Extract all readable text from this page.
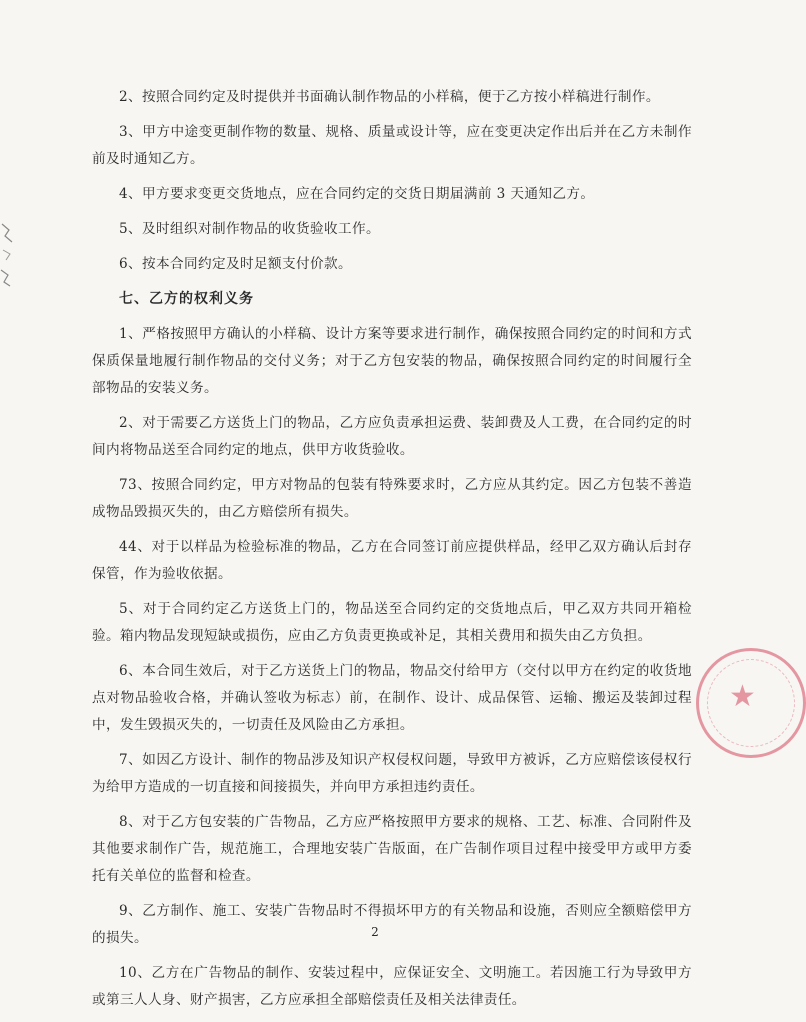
2、按照合同约定及时提供并书面确认制作物品的小样稿，便于乙方按小样稿进行制作。

3、甲方中途变更制作物的数量、规格、质量或设计等，应在变更决定作出后并在乙方未制作前及时通知乙方。

4、甲方要求变更交货地点，应在合同约定的交货日期届满前 3 天通知乙方。

5、及时组织对制作物品的收货验收工作。

6、按本合同约定及时足额支付价款。

七、乙方的权利义务

1、严格按照甲方确认的小样稿、设计方案等要求进行制作，确保按照合同约定的时间和方式保质保量地履行制作物品的交付义务；对于乙方包安装的物品，确保按照合同约定的时间履行全部物品的安装义务。

2、对于需要乙方送货上门的物品，乙方应负责承担运费、装卸费及人工费，在合同约定的时间内将物品送至合同约定的地点，供甲方收货验收。

73、按照合同约定，甲方对物品的包装有特殊要求时，乙方应从其约定。因乙方包装不善造成物品毁损灭失的，由乙方赔偿所有损失。

44、对于以样品为检验标准的物品，乙方在合同签订前应提供样品，经甲乙双方确认后封存保管，作为验收依据。

5、对于合同约定乙方送货上门的，物品送至合同约定的交货地点后，甲乙双方共同开箱检验。箱内物品发现短缺或损伤，应由乙方负责更换或补足，其相关费用和损失由乙方负担。

6、本合同生效后，对于乙方送货上门的物品，物品交付给甲方（交付以甲方在约定的收货地点对物品验收合格，并确认签收为标志）前，在制作、设计、成品保管、运输、搬运及装卸过程中，发生毁损灭失的，一切责任及风险由乙方承担。

7、如因乙方设计、制作的物品涉及知识产权侵权问题，导致甲方被诉，乙方应赔偿该侵权行为给甲方造成的一切直接和间接损失，并向甲方承担违约责任。

8、对于乙方包安装的广告物品，乙方应严格按照甲方要求的规格、工艺、标准、合同附件及其他要求制作广告，规范施工，合理地安装广告版面，在广告制作项目过程中接受甲方或甲方委托有关单位的监督和检查。

9、乙方制作、施工、安装广告物品时不得损坏甲方的有关物品和设施，否则应全额赔偿甲方的损失。

10、乙方在广告物品的制作、安装过程中，应保证安全、文明施工。若因施工行为导致甲方或第三人人身、财产损害，乙方应承担全部赔偿责任及相关法律责任。

★
2
